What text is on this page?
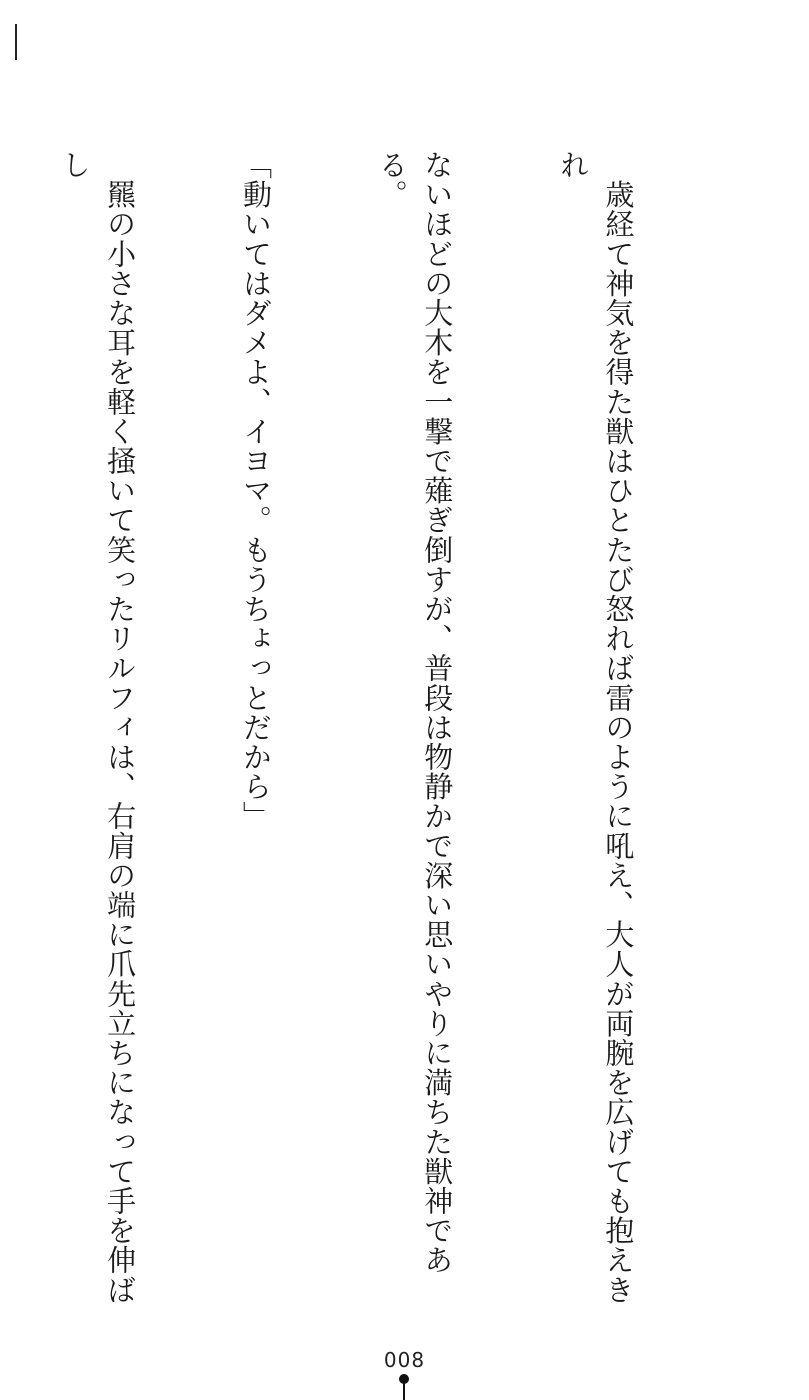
　歳経て神気を得た獣はひとたび怒れば雷のように吼え、大人が両腕を広げても抱えきれ

ないほどの大木を一撃で薙ぎ倒すが、普段は物静かで深い思いやりに満ちた獣神である。

「動いてはダメよ、イヨマ。もうちょっとだから」

　羆の小さな耳を軽く掻いて笑ったリルフィは、右肩の端に爪先立ちになって手を伸ばし

008
